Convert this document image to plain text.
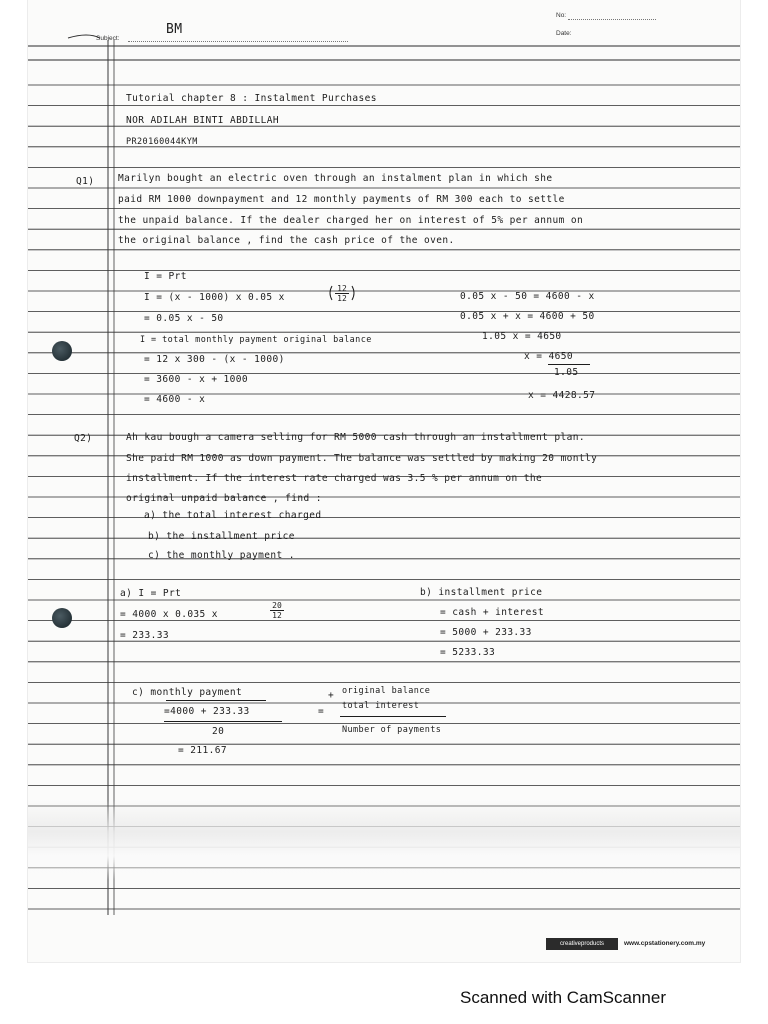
Subject:
BM
No:
Date:
Tutorial chapter 8 : Instalment Purchases
NOR ADILAH BINTI ABDILLAH
PR20160044KYM
Q1) Marilyn bought an electric oven through an instalment plan in which she
paid RM 1000 downpayment and 12 monthly payments of RM 300 each to settle
the unpaid balance. If the dealer charged her on interest of 5% per annum on
the original balance , find the cash price of the oven.
I = Prt
I = (x - 1000) x 0.05 x
12
12
= 0.05 x - 50
I = total monthly payment original balance
= 12 x 300 - (x - 1000)
= 3600 - x + 1000
= 4600 - x
0.05 x - 50 = 4600 - x
0.05 x + x = 4600 + 50
1.05 x = 4650
x = 4650
1.05
x = 4428.57
Q2)	Ah kau bough a camera selling for RM 5000 cash through an installment plan.
She paid RM 1000 as down payment. The balance was settled by making 20 montly
installment. If the interest rate charged was 3.5 % per annum on the
original unpaid balance , find :
a) the total interest charged
b) the installment price
c) the monthly payment .
a) I = Prt
= 4000 x 0.035 x
20
12
= 233.33
b) installment price
= cash + interest
= 5000 + 233.33
= 5233.33
c) monthly payment
=4000 + 233.33
20
= 211.67
=
+ original balance
total interest
Number of payments
creativeproducts	www.cpstationery.com.my
Scanned with CamScanner
